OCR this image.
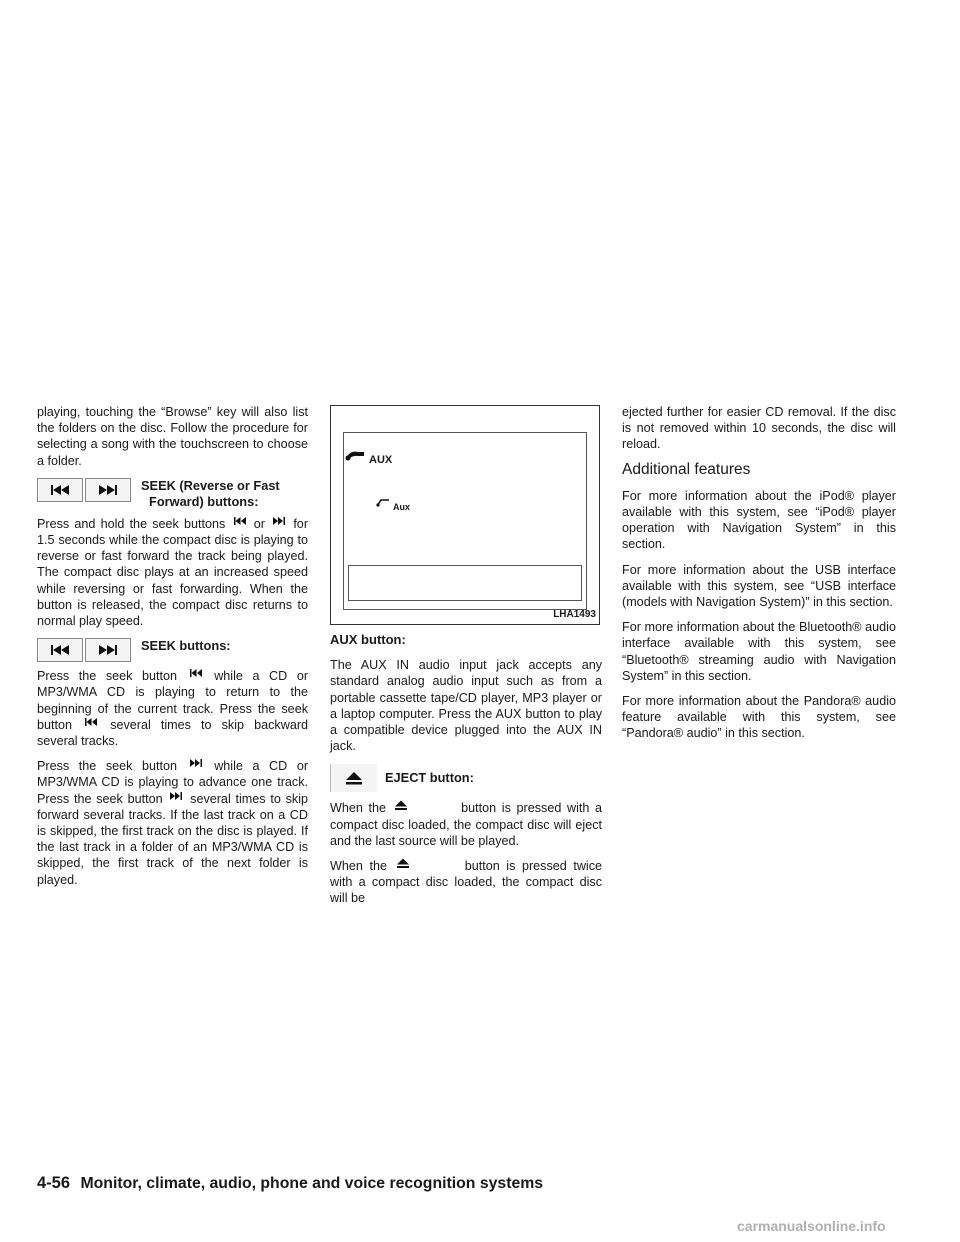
playing, touching the “Browse” key will also list the folders on the disc. Follow the procedure for selecting a song with the touchscreen to choose a folder.

SEEK (Reverse or Fast
Forward) buttons:

Press and hold the seek buttons or for 1.5 seconds while the compact disc is playing to reverse or fast forward the track being played. The compact disc plays at an increased speed while reversing or fast forwarding. When the button is released, the compact disc returns to normal play speed.

SEEK buttons:

Press the seek button	while a CD or MP3/WMA CD is playing to return to the beginning of the current track. Press the seek button	several times to skip backward several tracks.

Press the seek button	while a CD or MP3/WMA CD is playing to advance one track. Press the seek button several times to skip forward several tracks. If the last track on a CD is skipped, the first track on the disc is played. If the last track in a folder of an MP3/WMA CD is skipped, the first track of the next folder is played.

AUX
Aux
LHA1493
AUX button:

The AUX IN audio input jack accepts any standard analog audio input such as from a portable cassette tape/CD player, MP3 player or a laptop computer. Press the AUX button to play a compatible device plugged into the AUX IN jack.

EJECT button:

When the	button is pressed with a compact disc loaded, the compact disc will eject and the last source will be played.

When the	button is pressed twice with a compact disc loaded, the compact disc will be

ejected further for easier CD removal. If the disc is not removed within 10 seconds, the disc will reload.

Additional features

For more information about the iPod® player available with this system, see “iPod® player operation with Navigation System” in this section.

For more information about the USB interface available with this system, see “USB interface (models with Navigation System)” in this section.

For more information about the Bluetooth® audio interface available with this system, see “Bluetooth® streaming audio with Navigation System” in this section.

For more information about the Pandora® audio feature available with this system, see “Pandora® audio” in this section.

4-56 Monitor, climate, audio, phone and voice recognition systems
carmanualsonline.info
